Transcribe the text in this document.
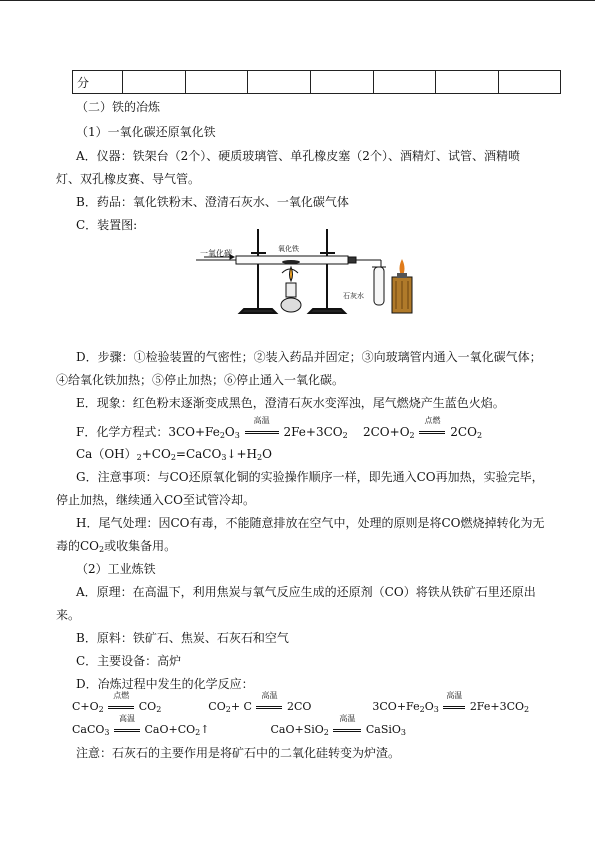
分							
（二）铁的冶炼
（1）一氧化碳还原氧化铁
A．仪器：铁架台（2个）、硬质玻璃管、单孔橡皮塞（2个）、酒精灯、试管、酒精喷
灯、双孔橡皮赛、导气管。
B．药品：氧化铁粉末、澄清石灰水、一氧化碳气体
C．装置图:
一氧化碳	氧化铁
石灰水
D．步骤：①检验装置的气密性；②装入药品并固定；③向玻璃管内通入一氧化碳气体；
④给氧化铁加热；⑤停止加热；⑥停止通入一氧化碳。
E．现象：红色粉末逐渐变成黑色，澄清石灰水变浑浊，尾气燃烧产生蓝色火焰。
F．化学方程式：$3CO+Fe_2O_3$
高温
$2Fe+3CO_2$ $2CO+O_2$
点燃
$2CO_2$
$Ca(OH)_2+CO_2=CaCO_3↓+H_2O$
G．注意事项：与CO还原氧化铜的实验操作顺序一样，即先通入CO再加热，实验完毕，
停止加热，继续通入CO至试管冷却。
H．尾气处理：因CO有毒，不能随意排放在空气中，处理的原则是将CO燃烧掉转化为无
毒的$CO_2$或收集备用。
（2）工业炼铁
A．原理：在高温下，利用焦炭与氧气反应生成的还原剂（CO）将铁从铁矿石里还原出
来。
B．原料：铁矿石、焦炭、石灰石和空气
C．主要设备：高炉
D．冶炼过程中发生的化学反应：
$C+O_2$
点燃
$CO_2$	$CO_2+ C$
高温
2CO	$3CO+Fe_2O_3$
高温
$2Fe+3CO_2$
CaCO$_3$
高温
$CaO+CO_2↑$	CaO+SiO$_2$
高温
CaSiO$_3$
注意：石灰石的主要作用是将矿石中的二氧化硅转变为炉渣。
